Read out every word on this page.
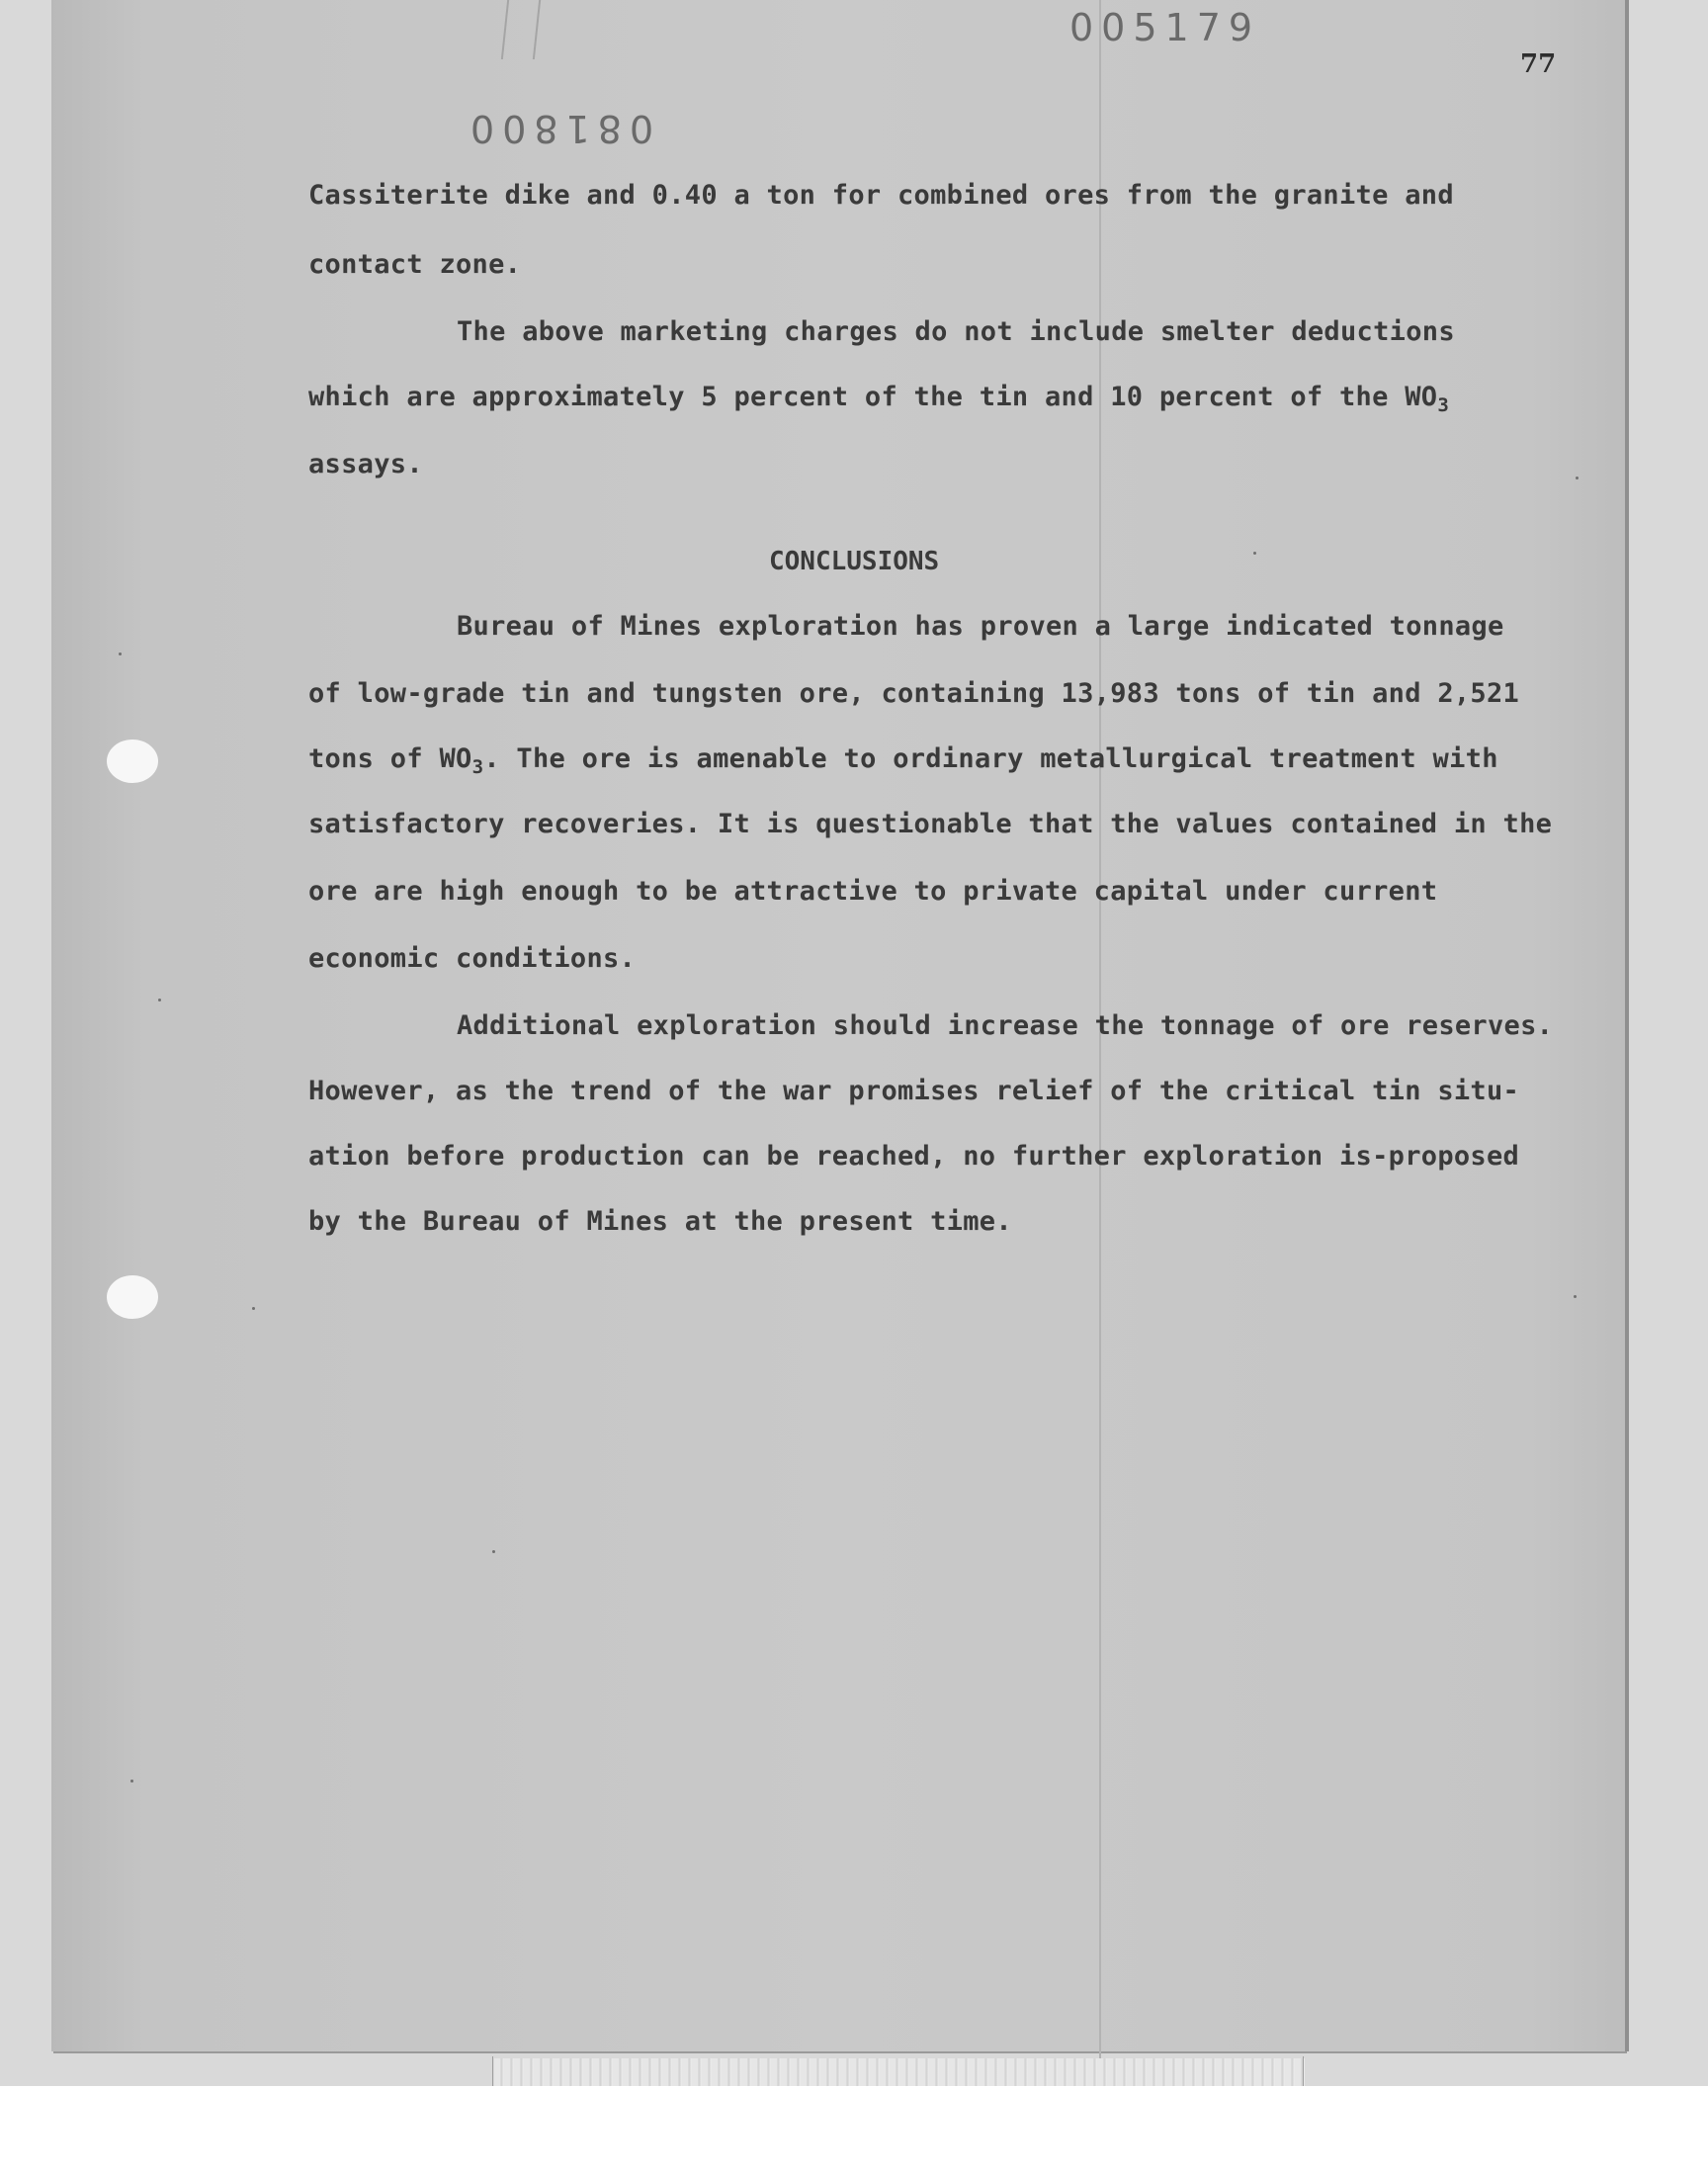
005179
081800
77
Cassiterite dike and 0.40 a ton for combined ores from the granite and
contact zone.
The above marketing charges do not include smelter deductions
which are approximately 5 percent of the tin and 10 percent of the $WO_3$
assays.
CONCLUSIONS
Bureau of Mines exploration has proven a large indicated tonnage
of low-grade tin and tungsten ore, containing 13,983 tons of tin and 2,521
tons of $WO_3$. The ore is amenable to ordinary metallurgical treatment with
satisfactory recoveries. It is questionable that the values contained in the
ore are high enough to be attractive to private capital under current
economic conditions.
Additional exploration should increase the tonnage of ore reserves.
However, as the trend of the war promises relief of the critical tin situ-
ation before production can be reached, no further exploration is-proposed
by the Bureau of Mines at the present time.
